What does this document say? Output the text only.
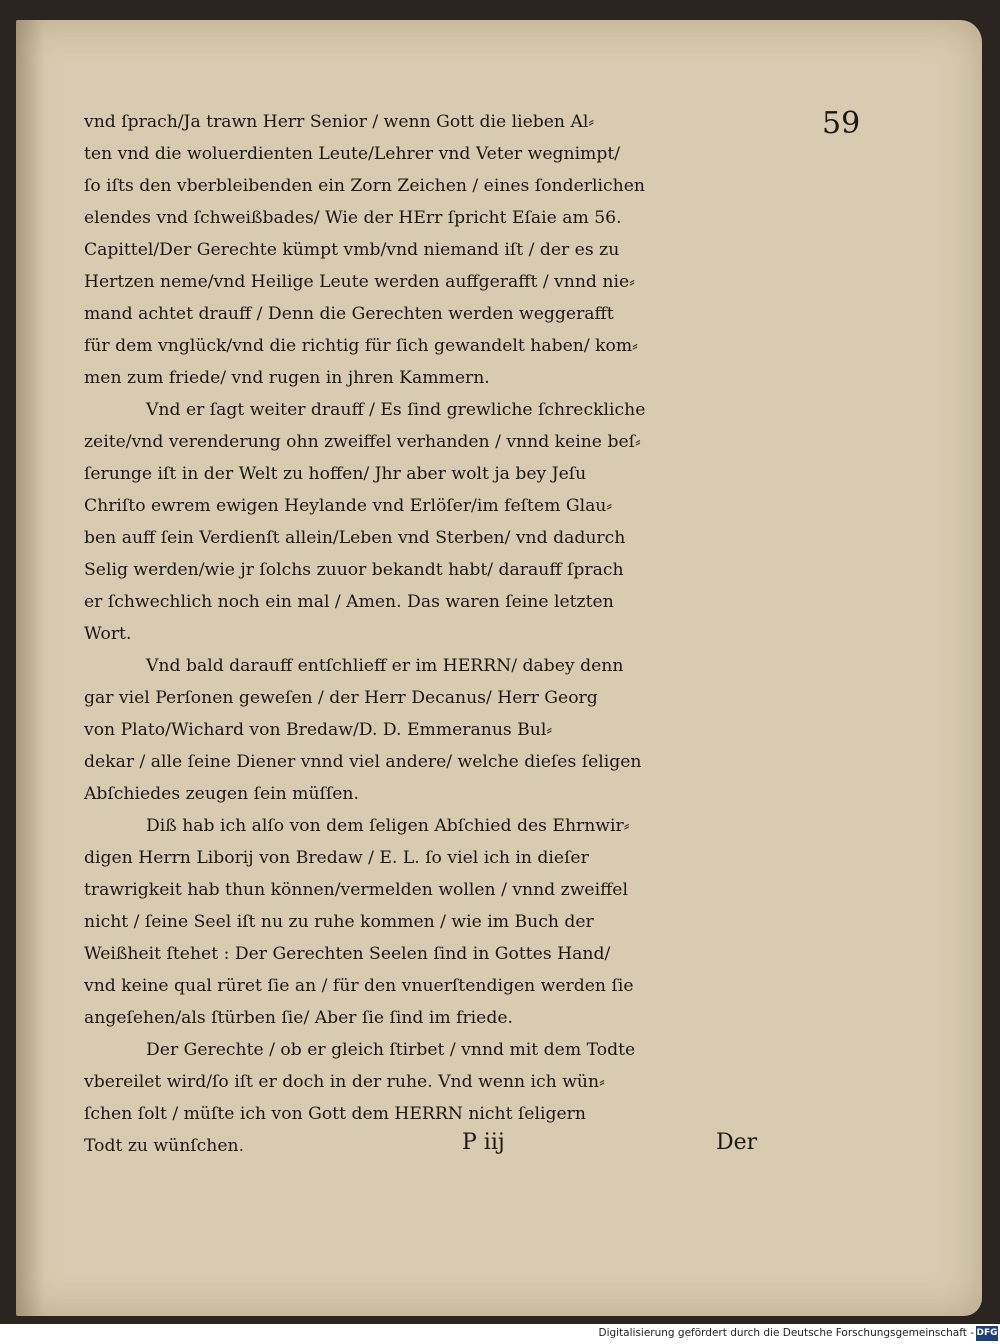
59
vnd ſprach/Ja trawn Herr Senior / wenn Gott die lieben Al⸗
ten vnd die woluerdienten Leute/Lehrer vnd Veter wegnimpt/
ſo iſts den vberbleibenden ein Zorn Zeichen / eines ſonderlichen
elendes vnd ſchweißbades/ Wie der HErr ſpricht Eſaie am 56.
Capittel/Der Gerechte kümpt vmb/vnd niemand iſt / der es zu
Hertzen neme/vnd Heilige Leute werden auffgerafft / vnnd nie⸗
mand achtet drauff / Denn die Gerechten werden weggerafft
für dem vnglück/vnd die richtig für ſich gewandelt haben/ kom⸗
men zum friede/ vnd rugen in jhren Kammern.
Vnd er ſagt weiter drauff / Es ſind grewliche ſchreckliche
zeite/vnd verenderung ohn zweiffel verhanden / vnnd keine beſ⸗
ſerunge iſt in der Welt zu hoffen/ Jhr aber wolt ja bey Jeſu
Chriſto ewrem ewigen Heylande vnd Erlöſer/im feſtem Glau⸗
ben auff ſein Verdienſt allein/Leben vnd Sterben/ vnd dadurch
Selig werden/wie jr ſolchs zuuor bekandt habt/ darauff ſprach
er ſchwechlich noch ein mal / Amen. Das waren ſeine letzten
Wort.
Vnd bald darauff entſchlieff er im HERRN/ dabey denn
gar viel Perſonen geweſen / der Herr Decanus/ Herr Georg
von Plato/Wichard von Bredaw/D. D. Emmeranus Bul⸗
dekar / alle ſeine Diener vnnd viel andere/ welche dieſes ſeligen
Abſchiedes zeugen ſein müſſen.
Diß hab ich alſo von dem ſeligen Abſchied des Ehrnwir⸗
digen Herrn Liborij von Bredaw / E. L. ſo viel ich in dieſer
trawrigkeit hab thun können/vermelden wollen / vnnd zweiffel
nicht / ſeine Seel iſt nu zu ruhe kommen / wie im Buch der
Weißheit ſtehet : Der Gerechten Seelen ſind in Gottes Hand/
vnd keine qual rüret ſie an / für den vnuerſtendigen werden ſie
angeſehen/als ſtürben ſie/ Aber ſie ſind im friede.
Der Gerechte / ob er gleich ſtirbet / vnnd mit dem Todte
vbereilet wird/ſo iſt er doch in der ruhe. Vnd wenn ich wün⸗
ſchen ſolt / müſte ich von Gott dem HERRN nicht ſeligern
Todt zu wünſchen.	P iij	Der
Digitalisierung gefördert durch die Deutsche Forschungsgemeinschaft - DFG
